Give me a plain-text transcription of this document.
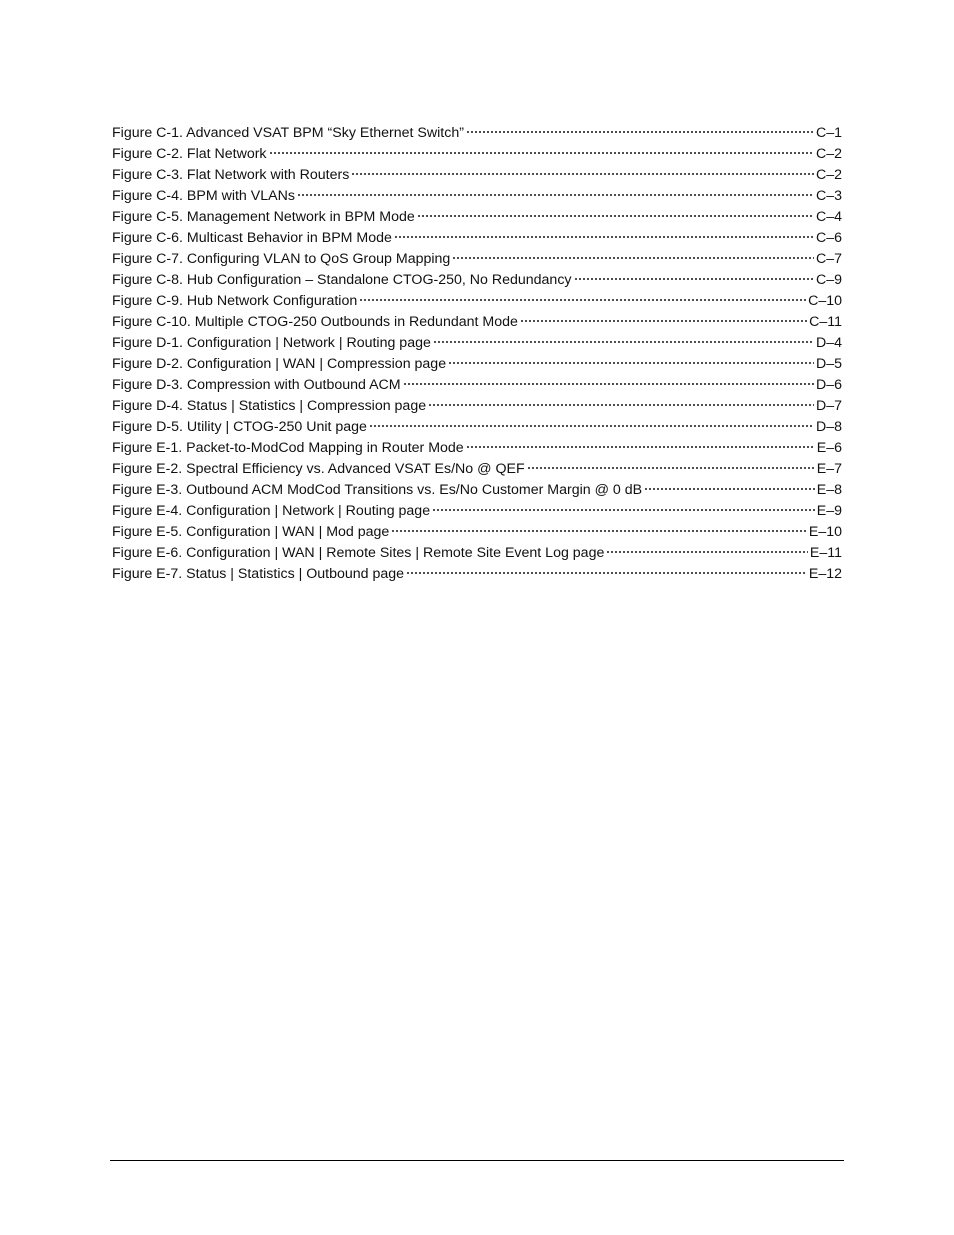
Figure C-1. Advanced VSAT BPM “Sky Ethernet Switch”	C–1
Figure C-2. Flat Network	C–2
Figure C-3. Flat Network with Routers	C–2
Figure C-4. BPM with VLANs	C–3
Figure C-5. Management Network in BPM Mode	C–4
Figure C-6. Multicast Behavior in BPM Mode	C–6
Figure C-7. Configuring VLAN to QoS Group Mapping	C–7
Figure C-8. Hub Configuration – Standalone CTOG-250, No Redundancy	C–9
Figure C-9. Hub Network Configuration	C–10
Figure C-10. Multiple CTOG-250 Outbounds in Redundant Mode	C–11
Figure D-1. Configuration | Network | Routing page	D–4
Figure D-2. Configuration | WAN | Compression page	D–5
Figure D-3. Compression with Outbound ACM	D–6
Figure D-4. Status | Statistics | Compression page	D–7
Figure D-5. Utility | CTOG-250 Unit page	D–8
Figure E-1. Packet-to-ModCod Mapping in Router Mode	E–6
Figure E-2. Spectral Efficiency vs. Advanced VSAT Es/No @ QEF	E–7
Figure E-3. Outbound ACM ModCod Transitions vs. Es/No Customer Margin @ 0 dB	E–8
Figure E-4. Configuration | Network | Routing page	E–9
Figure E-5. Configuration | WAN | Mod page	E–10
Figure E-6. Configuration | WAN | Remote Sites | Remote Site Event Log page	E–11
Figure E-7. Status | Statistics | Outbound page	E–12
